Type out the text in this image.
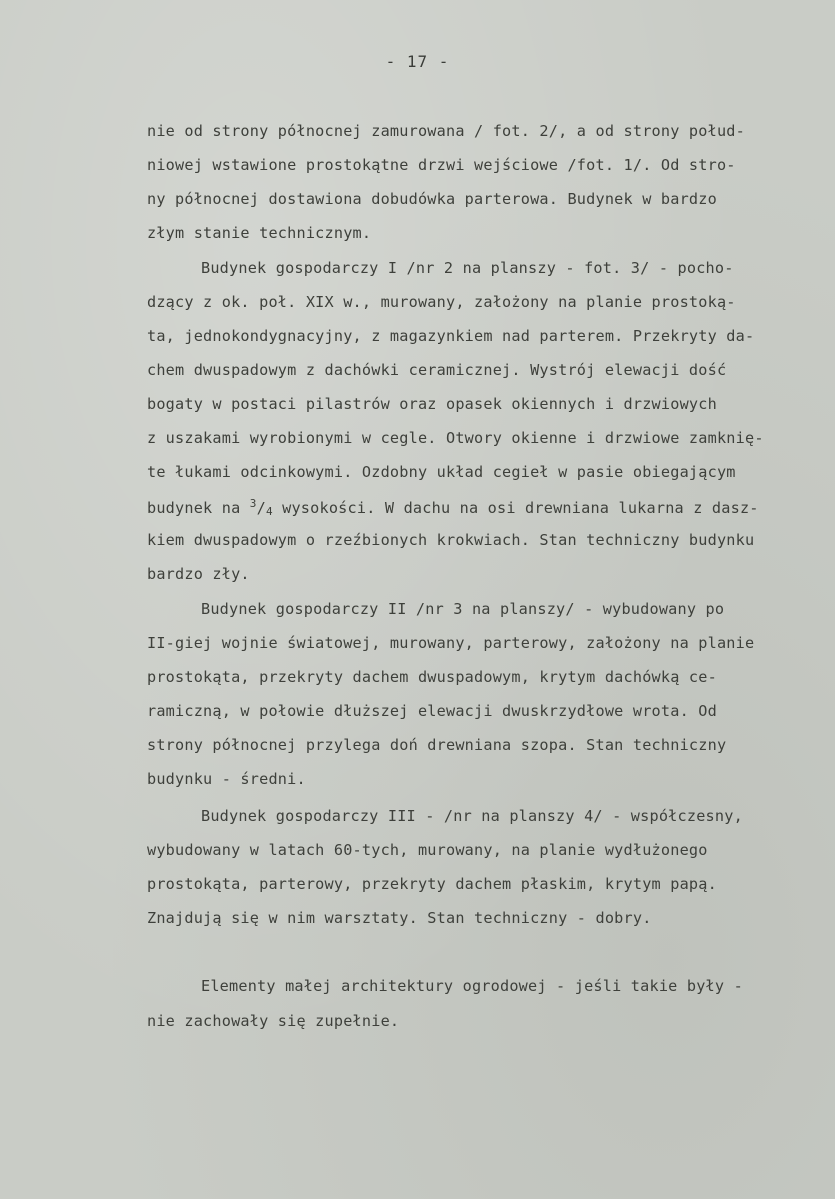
- 17 -
nie od strony północnej zamurowana / fot. 2/, a od strony połud-
niowej wstawione prostokątne drzwi wejściowe /fot. 1/. Od stro-
ny północnej dostawiona dobudówka parterowa. Budynek w bardzo
złym stanie technicznym.
Budynek gospodarczy I /nr 2 na planszy - fot. 3/ - pocho-
dzący z ok. poł. XIX w., murowany, założony na planie prostoką-
ta, jednokondygnacyjny, z magazynkiem nad parterem. Przekryty da-
chem dwuspadowym z dachówki ceramicznej. Wystrój elewacji dość
bogaty w postaci pilastrów oraz opasek okiennych i drzwiowych
z uszakami wyrobionymi w cegle. Otwory okienne i drzwiowe zamknię-
te łukami odcinkowymi. Ozdobny układ cegieł w pasie obiegającym
budynek na $^3/_4$ wysokości. W dachu na osi drewniana lukarna z dasz-
kiem dwuspadowym o rzeźbionych krokwiach. Stan techniczny budynku
bardzo zły.
Budynek gospodarczy II /nr 3 na planszy/ - wybudowany po
II-giej wojnie światowej, murowany, parterowy, założony na planie
prostokąta, przekryty dachem dwuspadowym, krytym dachówką ce-
ramiczną, w połowie dłuższej elewacji dwuskrzydłowe wrota. Od
strony północnej przylega doń drewniana szopa. Stan techniczny
budynku - średni.
Budynek gospodarczy III - /nr na planszy 4/ - współczesny,
wybudowany w latach 60-tych, murowany, na planie wydłużonego
prostokąta, parterowy, przekryty dachem płaskim, krytym papą.
Znajdują się w nim warsztaty. Stan techniczny - dobry.
Elementy małej architektury ogrodowej - jeśli takie były -
nie zachowały się zupełnie.
